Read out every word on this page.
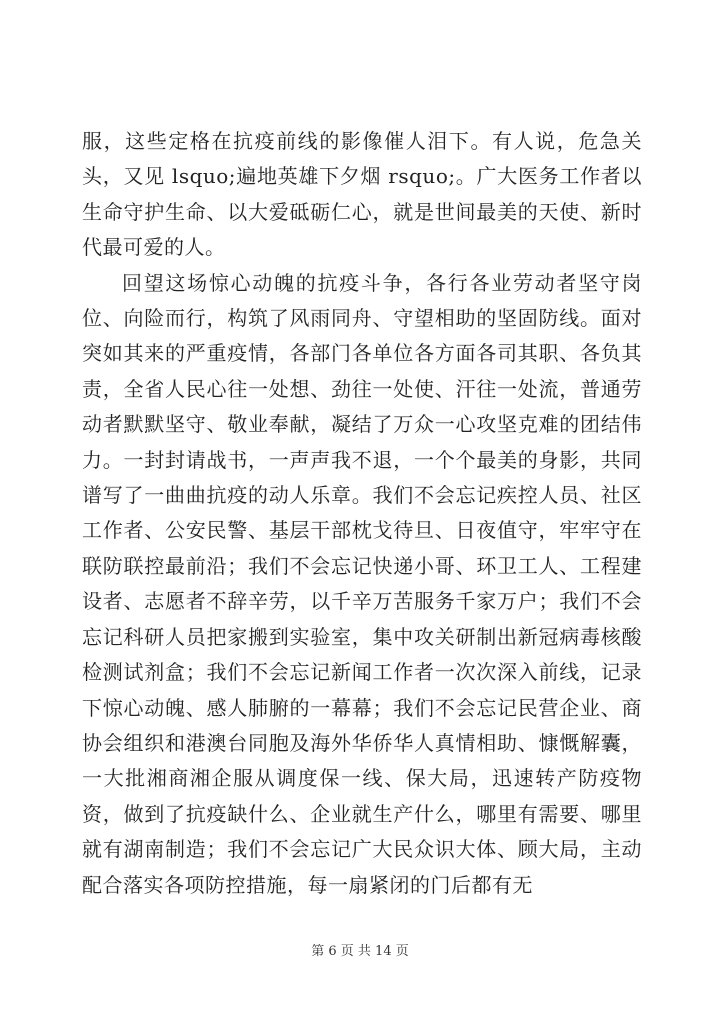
服，这些定格在抗疫前线的影像催人泪下。有人说，危急关头，又见 lsquo;遍地英雄下夕烟 rsquo;。广大医务工作者以生命守护生命、以大爱砥砺仁心，就是世间最美的天使、新时代最可爱的人。

回望这场惊心动魄的抗疫斗争，各行各业劳动者坚守岗位、向险而行，构筑了风雨同舟、守望相助的坚固防线。面对突如其来的严重疫情，各部门各单位各方面各司其职、各负其责，全省人民心往一处想、劲往一处使、汗往一处流，普通劳动者默默坚守、敬业奉献，凝结了万众一心攻坚克难的团结伟力。一封封请战书，一声声我不退，一个个最美的身影，共同谱写了一曲曲抗疫的动人乐章。我们不会忘记疾控人员、社区工作者、公安民警、基层干部枕戈待旦、日夜值守，牢牢守在联防联控最前沿；我们不会忘记快递小哥、环卫工人、工程建设者、志愿者不辞辛劳，以千辛万苦服务千家万户；我们不会忘记科研人员把家搬到实验室，集中攻关研制出新冠病毒核酸检测试剂盒；我们不会忘记新闻工作者一次次深入前线，记录下惊心动魄、感人肺腑的一幕幕；我们不会忘记民营企业、商协会组织和港澳台同胞及海外华侨华人真情相助、慷慨解囊，一大批湘商湘企服从调度保一线、保大局，迅速转产防疫物资，做到了抗疫缺什么、企业就生产什么，哪里有需要、哪里就有湖南制造；我们不会忘记广大民众识大体、顾大局，主动配合落实各项防控措施，每一扇紧闭的门后都有无

第 6 页 共 14 页
